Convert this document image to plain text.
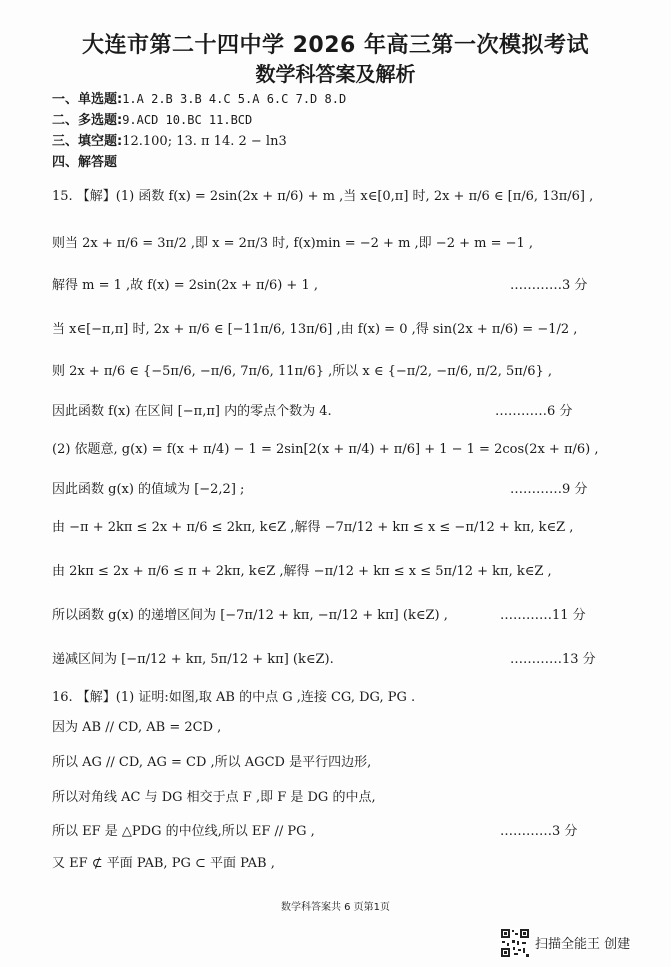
大连市第二十四中学 2026 年高三第一次模拟考试
数学科答案及解析
一、单选题:1.A 2.B 3.B 4.C 5.A 6.C 7.D 8.D
二、多选题:9.ACD 10.BC 11.BCD
三、填空题:12.100; 13. π 14. 2 − ln3
四、解答题
15. 【解】(1) 函数 f(x) = 2sin(2x + π/6) + m ,当 x∈[0,π] 时, 2x + π/6 ∈ [π/6, 13π/6] ,
则当 2x + π/6 = 3π/2 ,即 x = 2π/3 时, f(x)min = −2 + m ,即 −2 + m = −1 ,
解得 m = 1 ,故 f(x) = 2sin(2x + π/6) + 1 ,	…………3 分
当 x∈[−π,π] 时, 2x + π/6 ∈ [−11π/6, 13π/6] ,由 f(x) = 0 ,得 sin(2x + π/6) = −1/2 ,
则 2x + π/6 ∈ {−5π/6, −π/6, 7π/6, 11π/6} ,所以 x ∈ {−π/2, −π/6, π/2, 5π/6} ,
因此函数 f(x) 在区间 [−π,π] 内的零点个数为 4.	…………6 分
(2) 依题意, g(x) = f(x + π/4) − 1 = 2sin[2(x + π/4) + π/6] + 1 − 1 = 2cos(2x + π/6) ,
因此函数 g(x) 的值域为 [−2,2] ;	…………9 分
由 −π + 2kπ ≤ 2x + π/6 ≤ 2kπ, k∈Z ,解得 −7π/12 + kπ ≤ x ≤ −π/12 + kπ, k∈Z ,
由 2kπ ≤ 2x + π/6 ≤ π + 2kπ, k∈Z ,解得 −π/12 + kπ ≤ x ≤ 5π/12 + kπ, k∈Z ,
所以函数 g(x) 的递增区间为 [−7π/12 + kπ, −π/12 + kπ] (k∈Z) ,	…………11 分
递减区间为 [−π/12 + kπ, 5π/12 + kπ] (k∈Z).	…………13 分
16. 【解】(1) 证明:如图,取 AB 的中点 G ,连接 CG, DG, PG .
因为 AB // CD, AB = 2CD ,
所以 AG // CD, AG = CD ,所以 AGCD 是平行四边形,
所以对角线 AC 与 DG 相交于点 F ,即 F 是 DG 的中点,
所以 EF 是 △PDG 的中位线,所以 EF // PG ,	…………3 分
又 EF ⊄ 平面 PAB, PG ⊂ 平面 PAB ,
数学科答案共 6 页第1页
扫描全能王 创建
